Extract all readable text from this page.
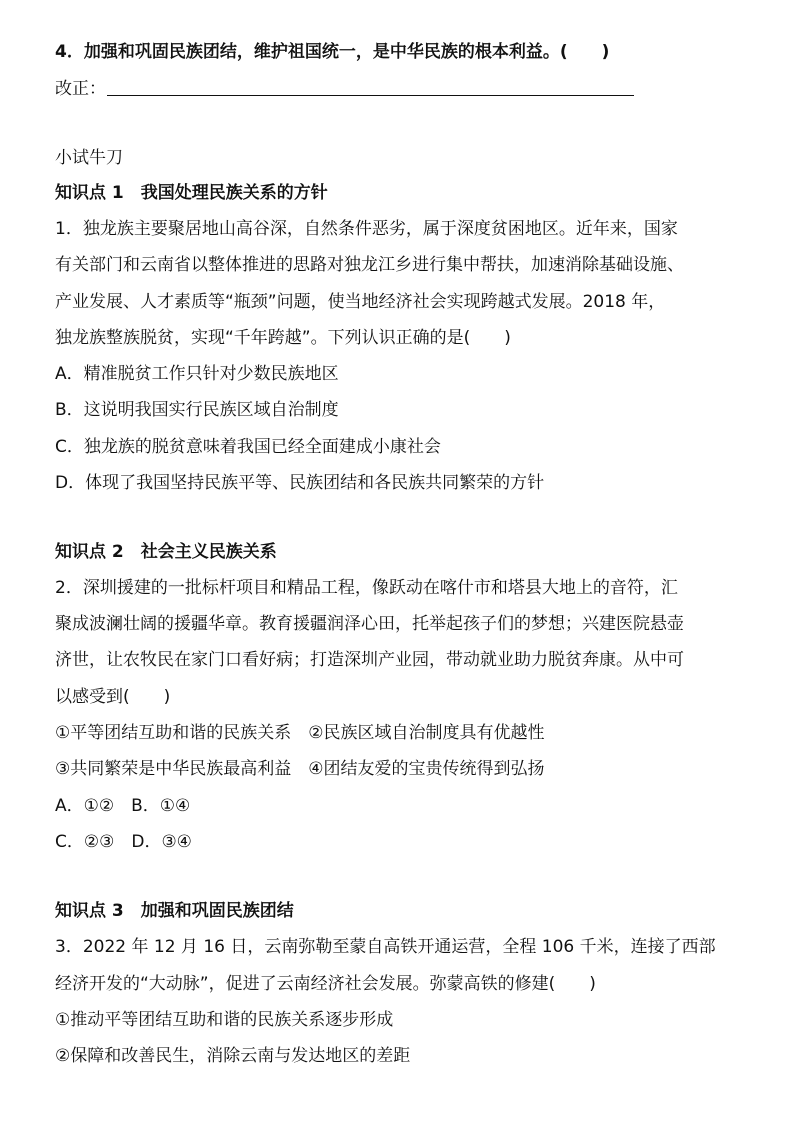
4．加强和巩固民族团结，维护祖国统一，是中华民族的根本利益。(　　)
改正：
小试牛刀
知识点 1　我国处理民族关系的方针
1．独龙族主要聚居地山高谷深，自然条件恶劣，属于深度贫困地区。近年来，国家
有关部门和云南省以整体推进的思路对独龙江乡进行集中帮扶，加速消除基础设施、
产业发展、人才素质等“瓶颈”问题，使当地经济社会实现跨越式发展。2018 年，
独龙族整族脱贫，实现“千年跨越”。下列认识正确的是(　　)
A．精准脱贫工作只针对少数民族地区
B．这说明我国实行民族区域自治制度
C．独龙族的脱贫意味着我国已经全面建成小康社会
D．体现了我国坚持民族平等、民族团结和各民族共同繁荣的方针
知识点 2　社会主义民族关系
2．深圳援建的一批标杆项目和精品工程，像跃动在喀什市和塔县大地上的音符，汇
聚成波澜壮阔的援疆华章。教育援疆润泽心田，托举起孩子们的梦想；兴建医院悬壶
济世，让农牧民在家门口看好病；打造深圳产业园，带动就业助力脱贫奔康。从中可
以感受到(　　)
①平等团结互助和谐的民族关系　②民族区域自治制度具有优越性
③共同繁荣是中华民族最高利益　④团结友爱的宝贵传统得到弘扬
A．①②　B．①④
C．②③　D．③④
知识点 3　加强和巩固民族团结
3．2022 年 12 月 16 日，云南弥勒至蒙自高铁开通运营，全程 106 千米，连接了西部
经济开发的“大动脉”，促进了云南经济社会发展。弥蒙高铁的修建(　　)
①推动平等团结互助和谐的民族关系逐步形成
②保障和改善民生，消除云南与发达地区的差距
